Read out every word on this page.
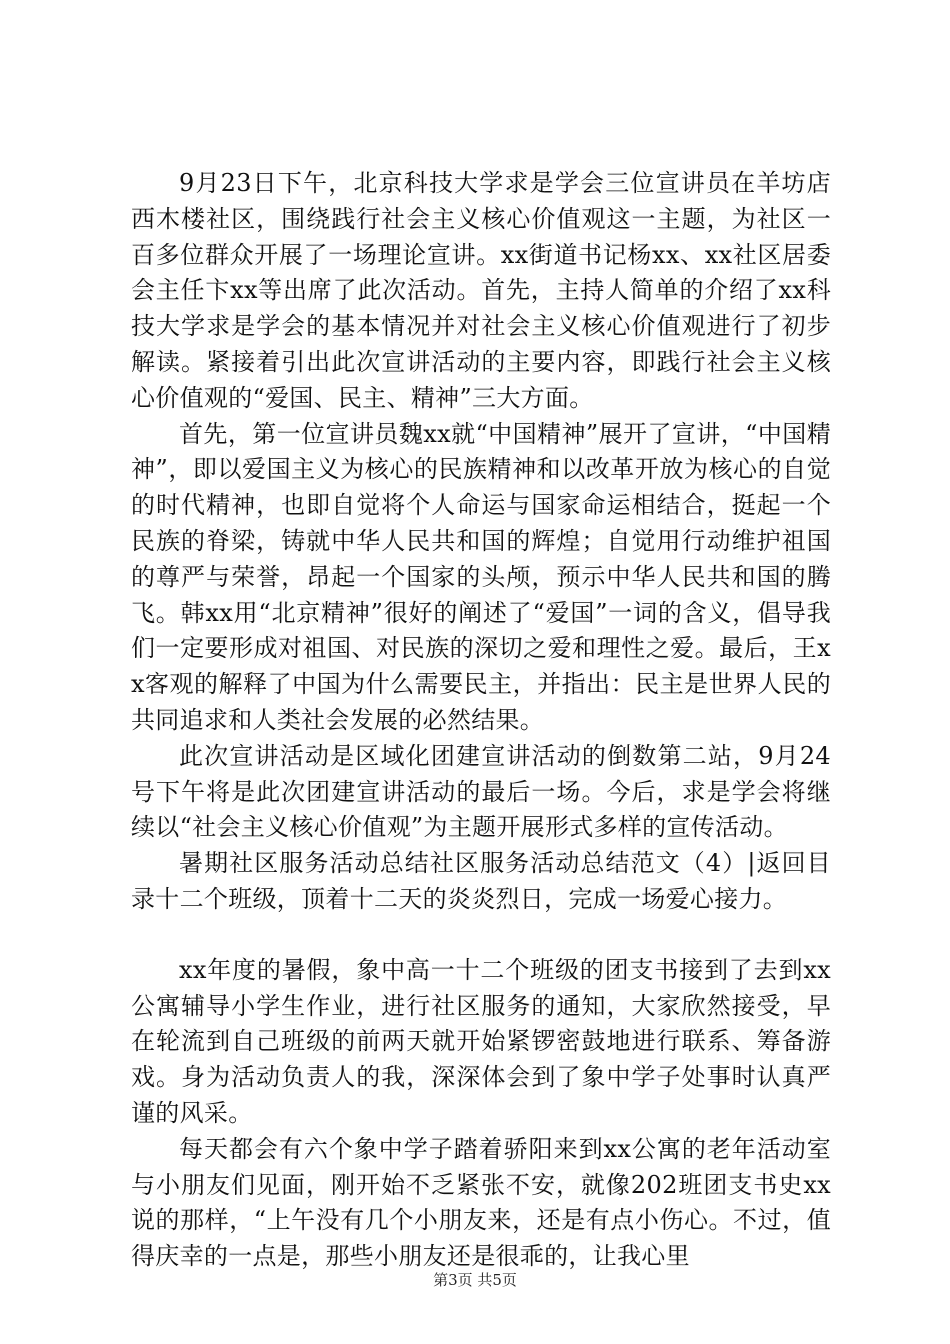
9月23日下午，北京科技大学求是学会三位宣讲员在羊坊店西木楼社区，围绕践行社会主义核心价值观这一主题，为社区一百多位群众开展了一场理论宣讲。xx街道书记杨xx、xx社区居委会主任卞xx等出席了此次活动。首先，主持人简单的介绍了xx科技大学求是学会的基本情况并对社会主义核心价值观进行了初步解读。紧接着引出此次宣讲活动的主要内容，即践行社会主义核心价值观的“爱国、民主、精神”三大方面。

首先，第一位宣讲员魏xx就“中国精神”展开了宣讲，“中国精神”，即以爱国主义为核心的民族精神和以改革开放为核心的自觉的时代精神，也即自觉将个人命运与国家命运相结合，挺起一个民族的脊梁，铸就中华人民共和国的辉煌；自觉用行动维护祖国的尊严与荣誉，昂起一个国家的头颅，预示中华人民共和国的腾飞。韩xx用“北京精神”很好的阐述了“爱国”一词的含义，倡导我们一定要形成对祖国、对民族的深切之爱和理性之爱。最后，王xx客观的解释了中国为什么需要民主，并指出：民主是世界人民的共同追求和人类社会发展的必然结果。

此次宣讲活动是区域化团建宣讲活动的倒数第二站，9月24号下午将是此次团建宣讲活动的最后一场。今后，求是学会将继续以“社会主义核心价值观”为主题开展形式多样的宣传活动。

暑期社区服务活动总结社区服务活动总结范文（4）|返回目录十二个班级，顶着十二天的炎炎烈日，完成一场爱心接力。

xx年度的暑假，象中高一十二个班级的团支书接到了去到xx公寓辅导小学生作业，进行社区服务的通知，大家欣然接受，早在轮流到自己班级的前两天就开始紧锣密鼓地进行联系、筹备游戏。身为活动负责人的我，深深体会到了象中学子处事时认真严谨的风采。

每天都会有六个象中学子踏着骄阳来到xx公寓的老年活动室与小朋友们见面，刚开始不乏紧张不安，就像202班团支书史xx说的那样，“上午没有几个小朋友来，还是有点小伤心。不过，值得庆幸的一点是，那些小朋友还是很乖的，让我心里

第3页 共5页
